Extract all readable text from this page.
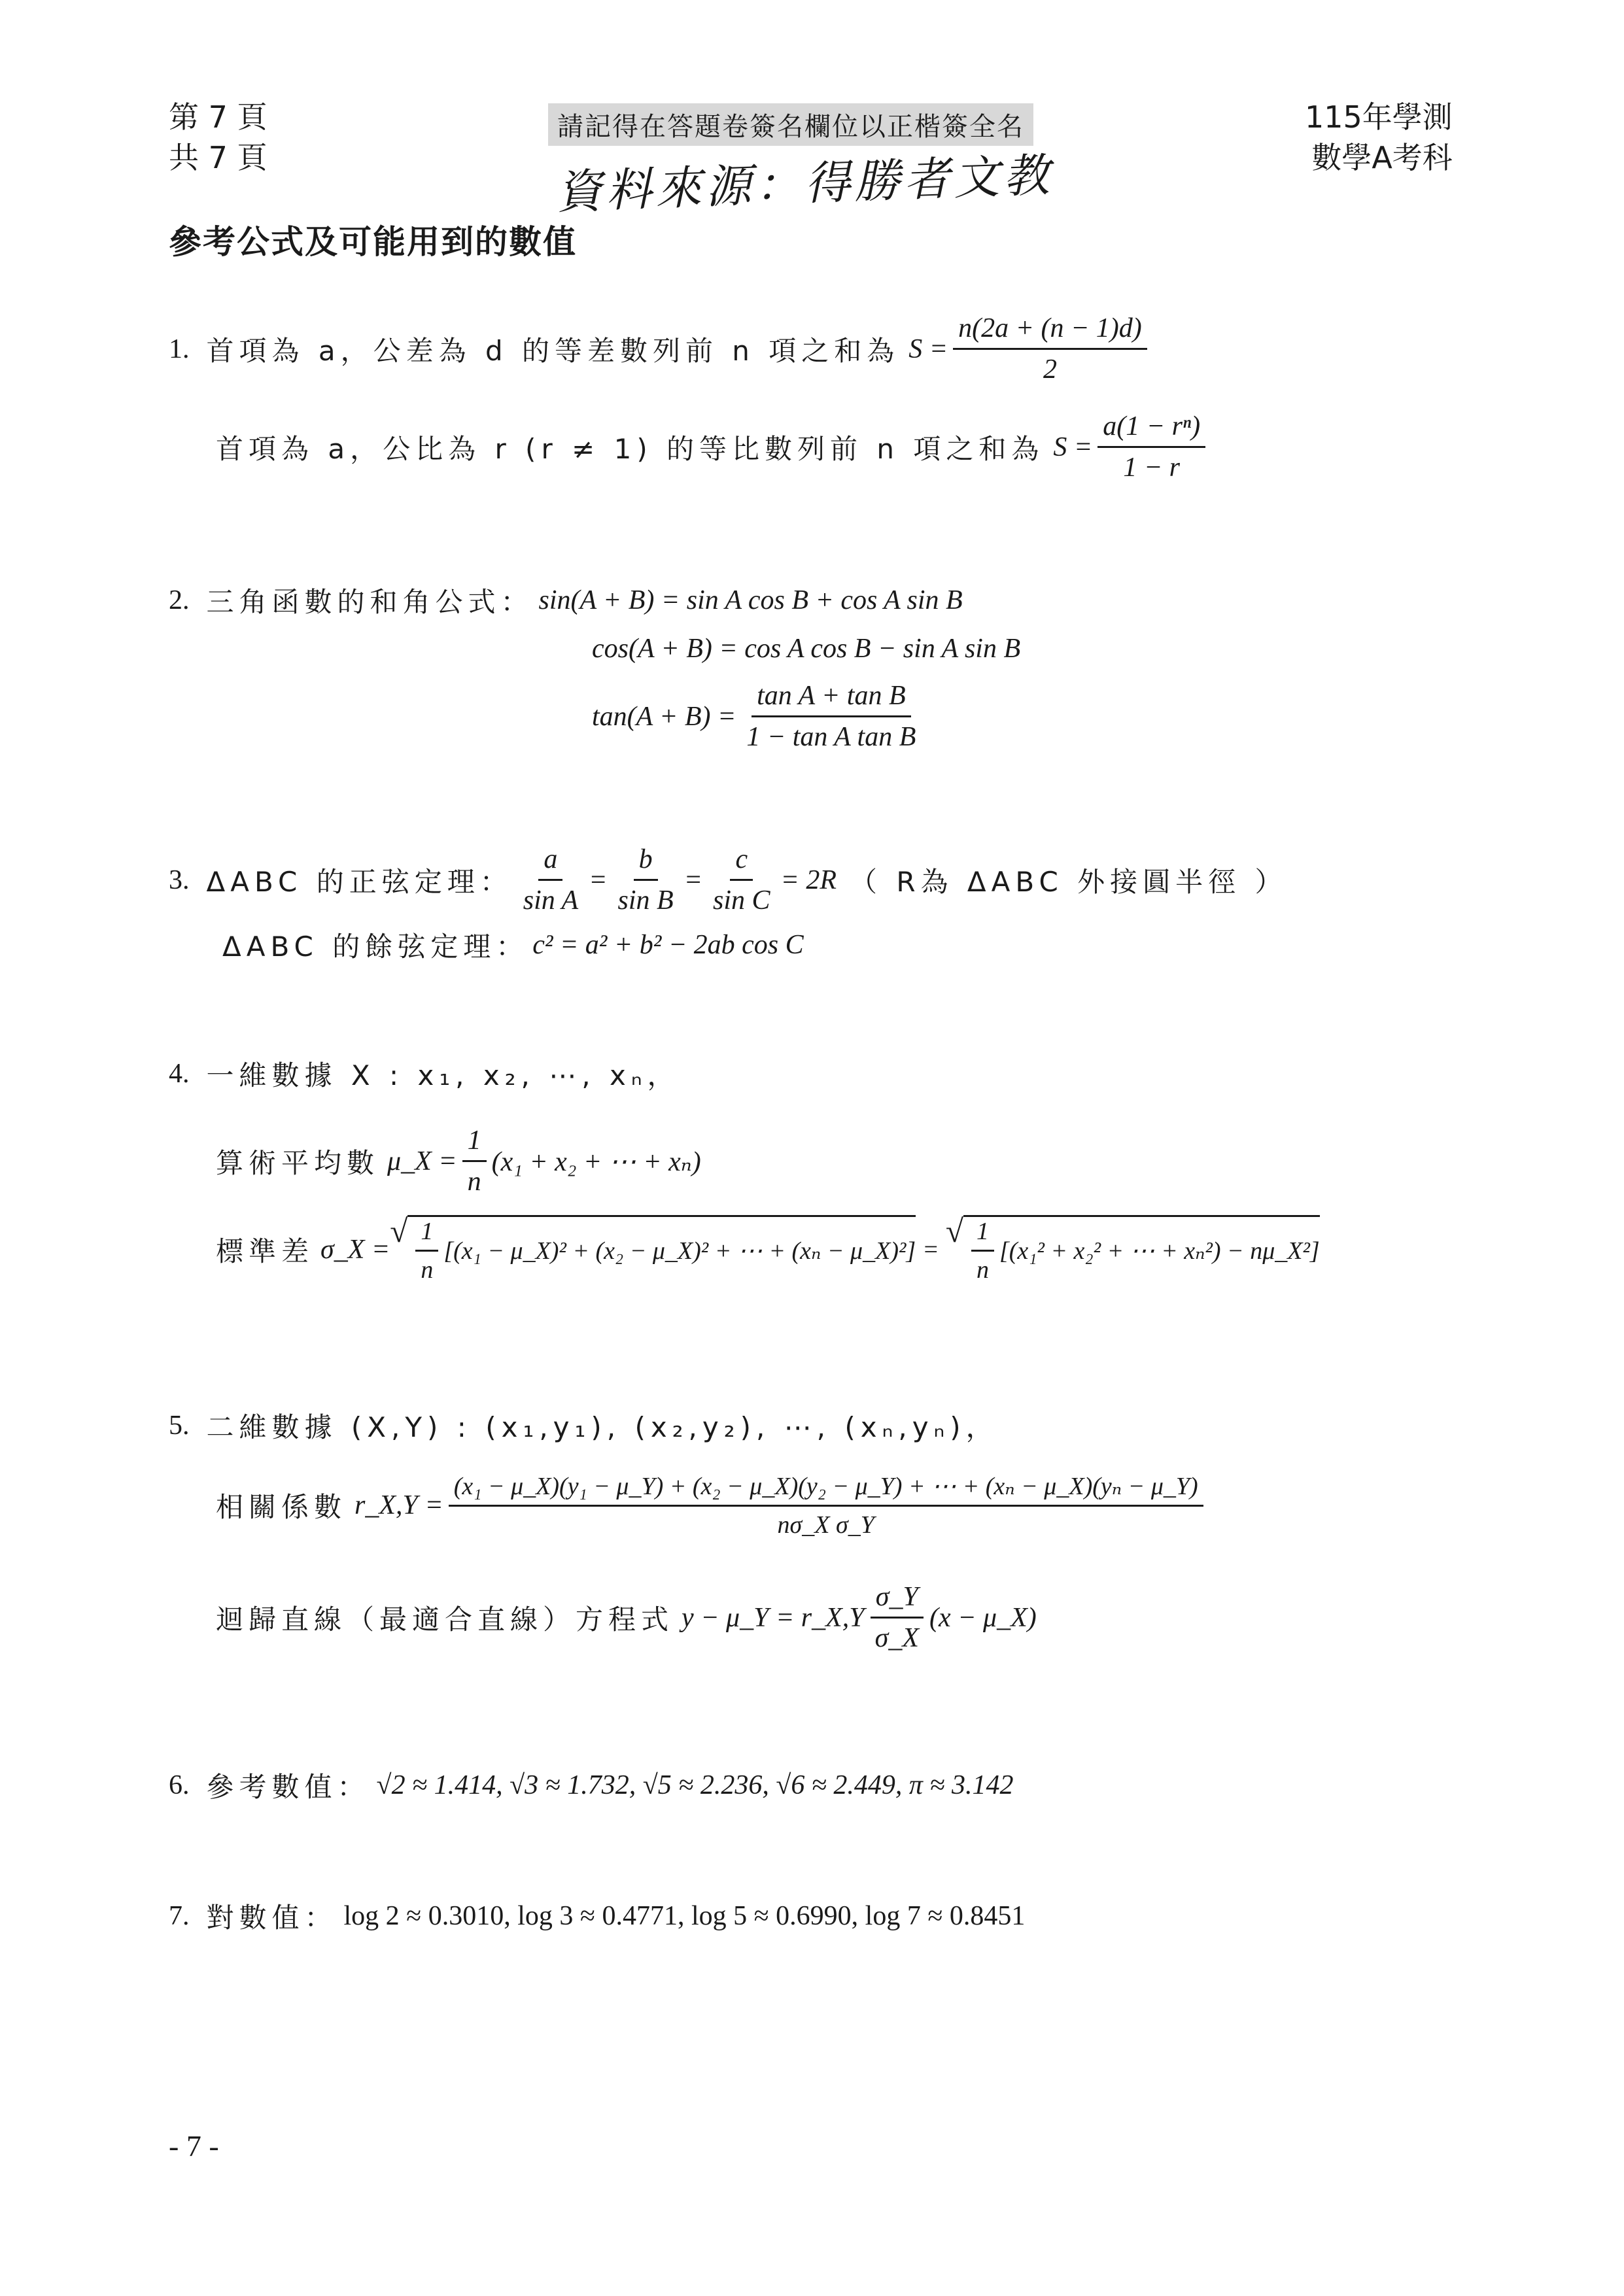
第 7 頁
共 7 頁
請記得在答題卷簽名欄位以正楷簽全名
資料來源：得勝者文教
115年學測
數學A考科
參考公式及可能用到的數值
1. 首項為 a，公差為 d 的等差數列前 n 項之和為 $S = \frac{n(2a + (n - 1)d)}{2}$
首項為 a，公比為 r (r ≠ 1) 的等比數列前 n 項之和為 $S = \frac{\text{a(1 − rⁿ)}}{1 - r}$
2. 三角函數的和角公式： sin(A + B) = sin A cos B + cos A sin B
cos(A + B) = cos A cos B − sin A sin B
$\tan(A + B) = \frac{\text{tan A + tan B}}{\text{1 − tan A tan B}}$
3. ΔABC 的正弦定理： $\frac{a}{\text{sin A}} = \frac{b}{\text{sin B}} = \frac{c}{\text{sin C}} = 2R$ （ R為 ΔABC 外接圓半徑 ）
ΔABC 的餘弦定理： c² = a² + b² − 2ab cos C
4. 一維數據 X : x₁, x₂, ⋯, xₙ，
算術平均數 μ_X = $\frac{1}{n} (x_1 + x_2$ + ⋯ + xₙ)
標準差 σ_X =
√ $\frac{1}{n} [(x_1$ − μ_X)² + (x₂ − μ_X)² + ⋯ + (xₙ − μ_X)²] =
√ $\frac{1}{n} [(x_1^2 + x_2^2$ + ⋯ + xₙ²) − nμ_X²]
5. 二維數據 (X,Y) : (x₁,y₁), (x₂,y₂), ⋯, (xₙ,yₙ)，
相關係數 r_X,Y =
(x₁ − μ_X)(y₁ − μ_Y) + (x₂ − μ_X)(y₂ − μ_Y) + ⋯ + (xₙ − μ_X)(yₙ − μ_Y)
nσ_X σ_Y
迴歸直線（最適合直線）方程式 y − μ_Y = r_X,Y $\frac{\sigma\_Y}{\sigma\_X} (x$ − μ_X)
6. 參考數值： √2 ≈ 1.414, √3 ≈ 1.732, √5 ≈ 2.236, √6 ≈ 2.449, π ≈ 3.142
7. 對數值： log 2 ≈ 0.3010, log 3 ≈ 0.4771, log 5 ≈ 0.6990, log 7 ≈ 0.8451
- 7 -
